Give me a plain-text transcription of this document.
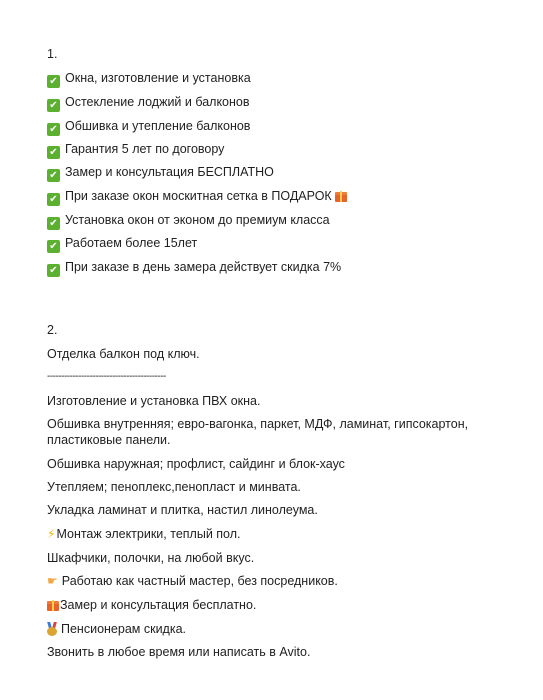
1.
✔ Окна, изготовление и установка
✔ Остекление лоджий и балконов
✔ Обшивка и утепление балконов
✔ Гарантия 5 лет по договору
✔ Замер и консультация БЕСПЛАТНО
✔ При заказе окон москитная сетка в ПОДАРОК
✔ Установка окон от эконом до премиум класса
✔ Работаем более 15лет
✔ При заказе в день замера действует скидка 7%
2.
Отделка балкон под ключ.
------------------------------------------
Изготовление и установка ПВХ окна.
Обшивка внутренняя; евро-вагонка, паркет, МДФ, ламинат, гипсокартон, пластиковые панели.
Обшивка наружная; профлист, сайдинг и блок-хаус
Утепляем; пеноплекс,пенопласт и минвата.
Укладка ламинат и плитка, настил линолеума.
⚡Монтаж электрики, теплый пол.
Шкафчики, полочки, на любой вкус.
☛ Работаю как частный мастер, без посредников.
Замер и консультация бесплатно.
Пенсионерам скидка.
Звонить в любое время или написать в Avito.
